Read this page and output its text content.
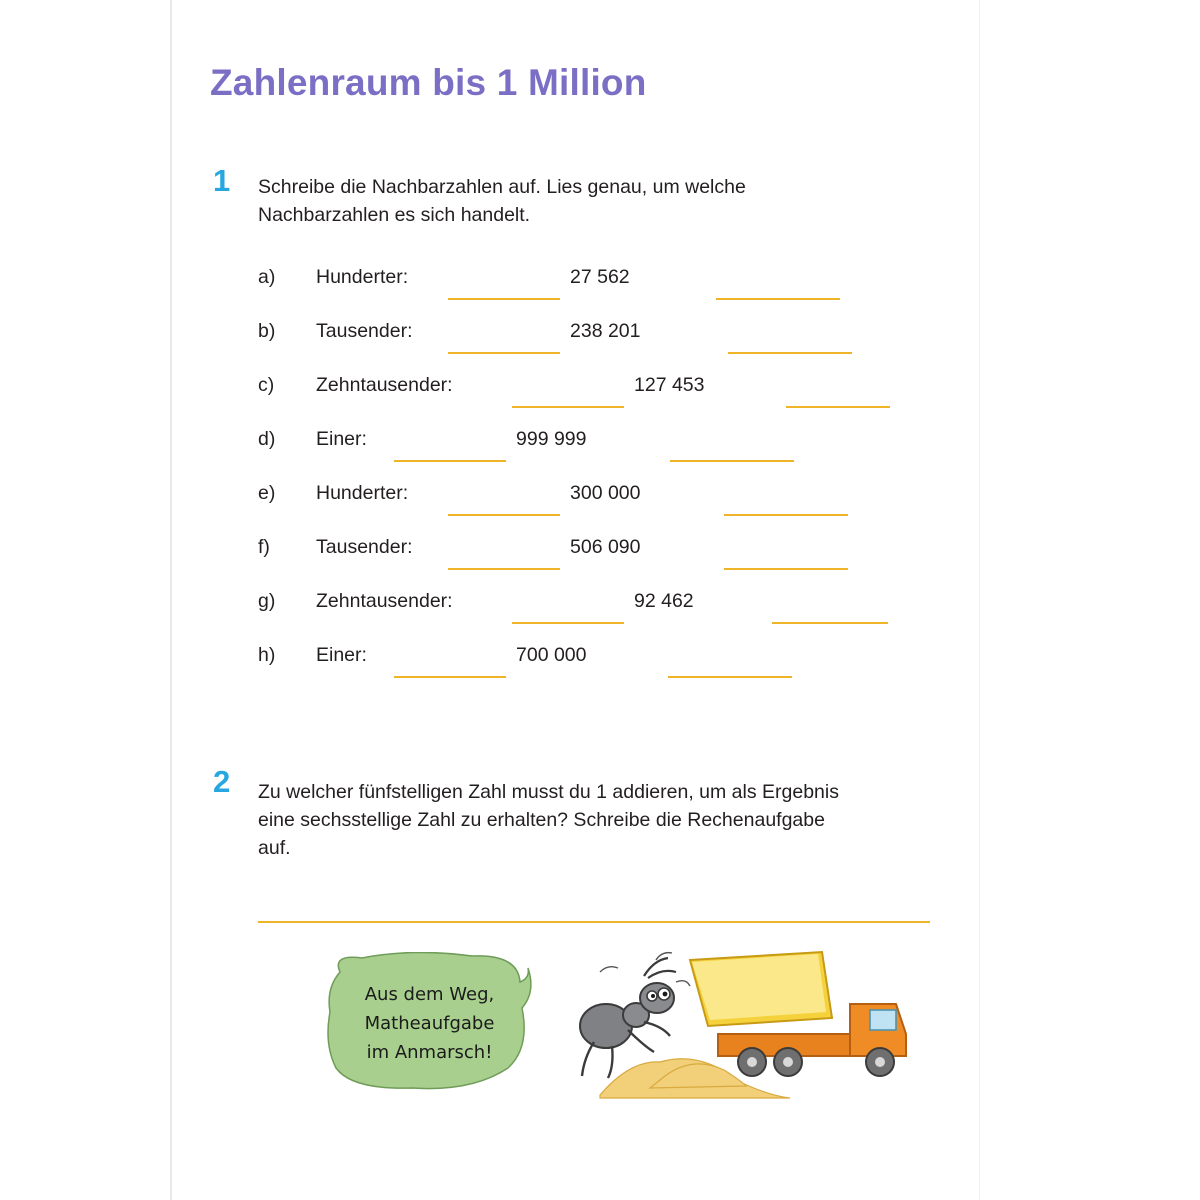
Zahlenraum bis 1 Million
1 Schreibe die Nachbarzahlen auf. Lies genau, um welche Nachbarzahlen es sich handelt.
a) Hunderter:	27 562
b) Tausender:	238 201
c) Zehntausender:	127 453
d) Einer:	999 999
e) Hunderter:	300 000
f) Tausender:	506 090
g) Zehntausender:	92 462
h) Einer:	700 000
2 Zu welcher fünfstelligen Zahl musst du 1 addieren, um als Ergebnis eine sechsstellige Zahl zu erhalten? Schreibe die Rechenaufgabe auf.
Aus dem Weg,
Matheaufgabe
im Anmarsch!
